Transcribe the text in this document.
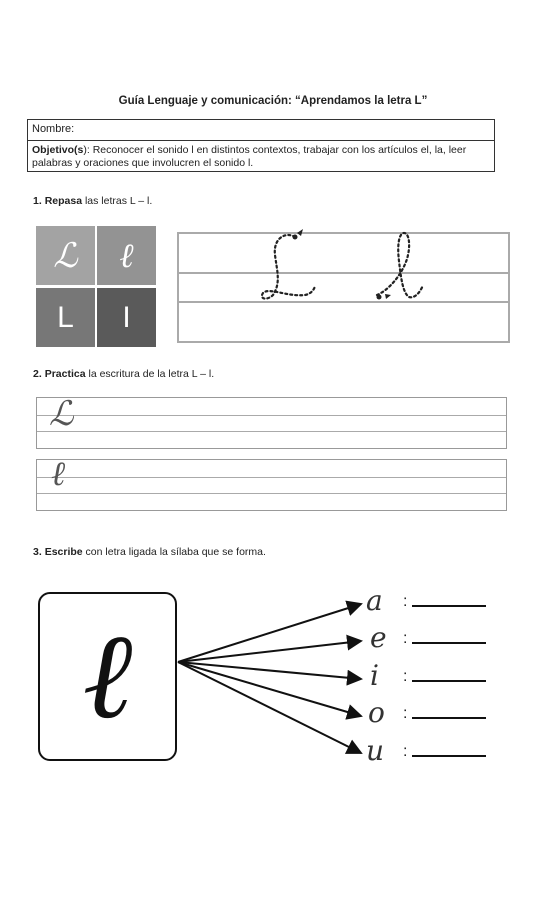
Guía Lenguaje y comunicación: “Aprendamos la letra L”
Nombre:
Objetivo(s): Reconocer el sonido l en distintos contextos, trabajar con los artículos el, la, leer palabras y oraciones que involucren el sonido l.
1. Repasa las letras L – l.
ℒ ℓ
L I
2. Practica la escritura de la letra L – l.
ℒ
ℓ
3. Escribe con letra ligada la sílaba que se forma.
ℓ
a :
e :
i :
o :
u :
